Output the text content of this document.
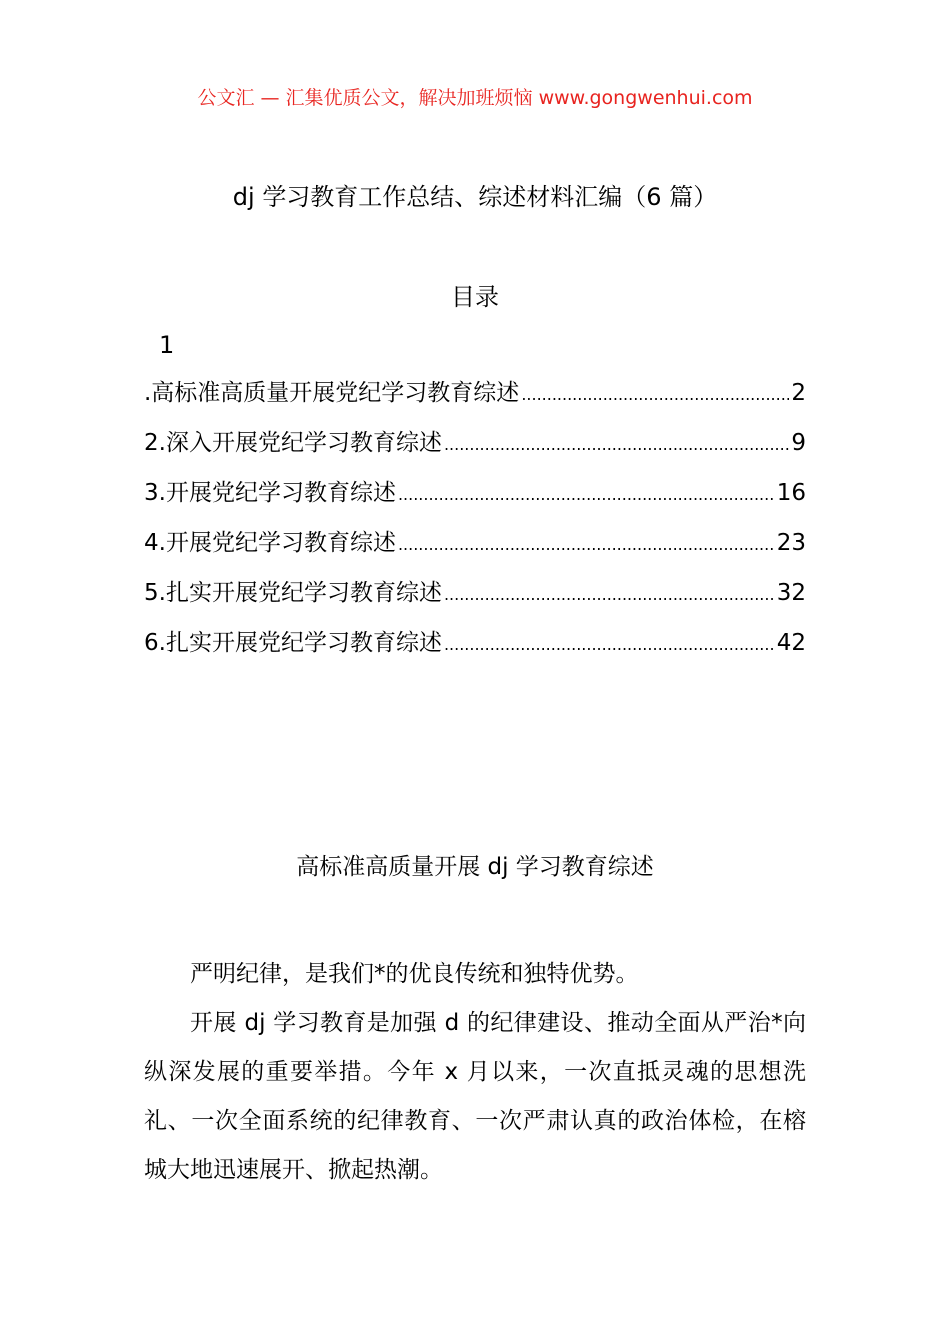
公文汇 — 汇集优质公文，解决加班烦恼 www.gongwenhui.com
dj 学习教育工作总结、综述材料汇编（6 篇）
目录
1
.高标准高质量开展党纪学习教育综述 .....	2
2.深入开展党纪学习教育综述 .....	9
3.开展党纪学习教育综述 .....	16
4.开展党纪学习教育综述 .....	23
5.扎实开展党纪学习教育综述 .....	32
6.扎实开展党纪学习教育综述 .....	42
高标准高质量开展 dj 学习教育综述

严明纪律，是我们*的优良传统和独特优势。

开展 dj 学习教育是加强 d 的纪律建设、推动全面从严治*向纵深发展的重要举措。今年 x 月以来，一次直抵灵魂的思想洗礼、一次全面系统的纪律教育、一次严肃认真的政治体检，在榕城大地迅速展开、掀起热潮。
